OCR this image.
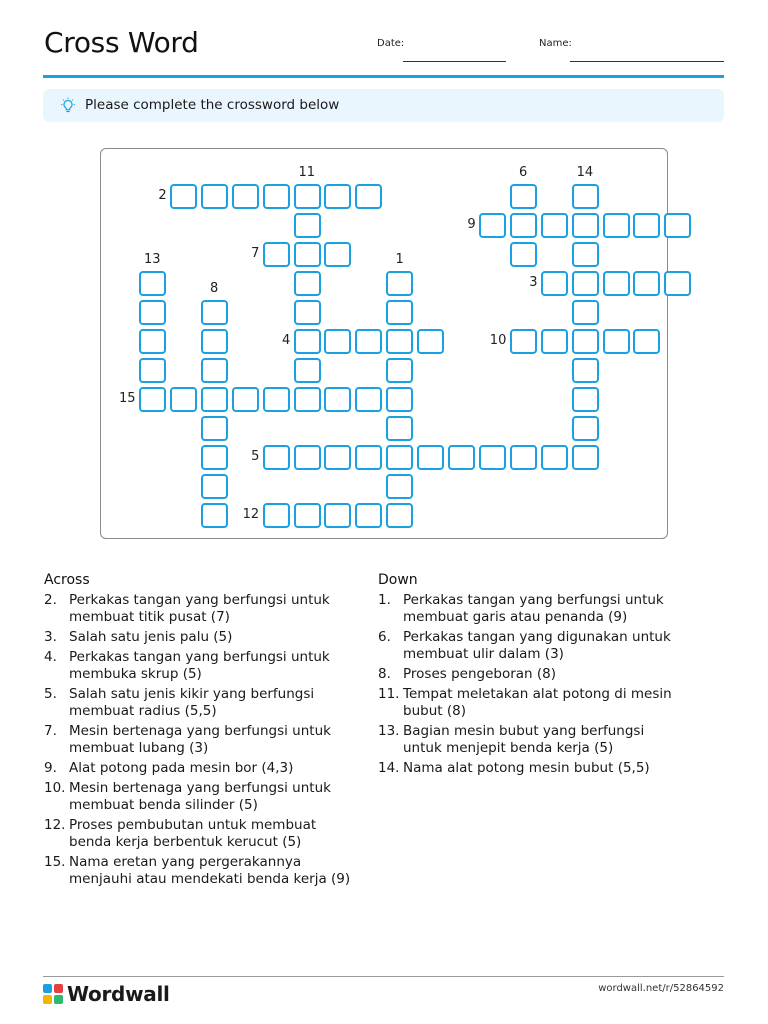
Cross Word	Date:	Name:
Please complete the crossword below
2
11	6	14
9
7
13	1
3
8
4	10
15
5
12
Across
2. Perkakas tangan yang berfungsi untuk membuat titik pusat (7)
3. Salah satu jenis palu (5)
4. Perkakas tangan yang berfungsi untuk membuka skrup (5)
5. Salah satu jenis kikir yang berfungsi membuat radius (5,5)
7. Mesin bertenaga yang berfungsi untuk membuat lubang (3)
9. Alat potong pada mesin bor (4,3)
10. Mesin bertenaga yang berfungsi untuk membuat benda silinder (5)
12. Proses pembubutan untuk membuat benda kerja berbentuk kerucut (5)
15. Nama eretan yang pergerakannya menjauhi atau mendekati benda kerja (9)
Down
1. Perkakas tangan yang berfungsi untuk membuat garis atau penanda (9)
6. Perkakas tangan yang digunakan untuk membuat ulir dalam (3)
8. Proses pengeboran (8)
11. Tempat meletakan alat potong di mesin bubut (8)
13. Bagian mesin bubut yang berfungsi untuk menjepit benda kerja (5)
14. Nama alat potong mesin bubut (5,5)
Wordwall	wordwall.net/r/52864592
